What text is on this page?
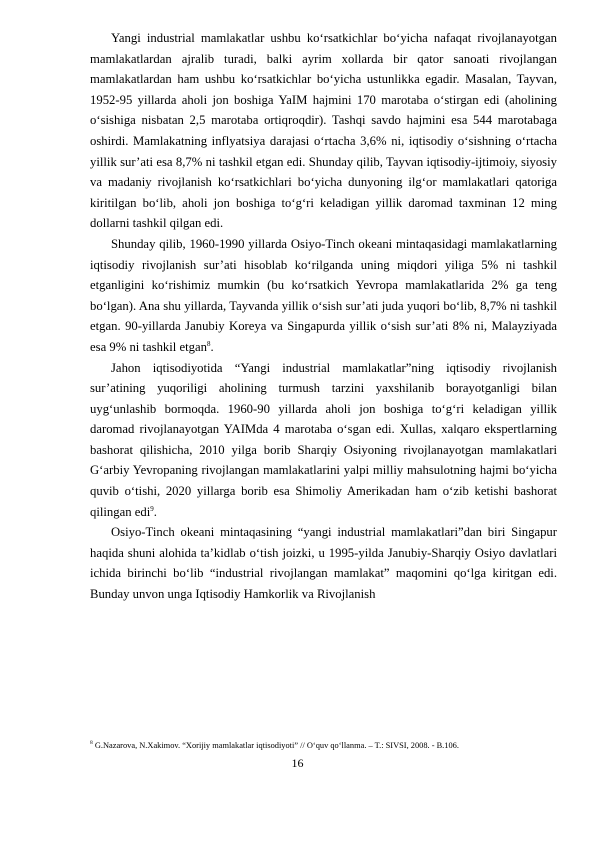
Yangi industrial mamlakatlar ushbu ko‘rsatkichlar bo‘yicha nafaqat rivojlanayotgan mamlakatlardan ajralib turadi, balki ayrim xollarda bir qator sanoati rivojlangan mamlakatlardan ham ushbu ko‘rsatkichlar bo‘yicha ustunlikka egadir. Masalan, Tayvan, 1952-95 yillarda aholi jon boshiga YaIM hajmini 170 marotaba o‘stirgan edi (aholining o‘sishiga nisbatan 2,5 marotaba ortiqroqdir). Tashqi savdo hajmini esa 544 marotabaga oshirdi. Mamlakatning inflyatsiya darajasi o‘rtacha 3,6% ni, iqtisodiy o‘sishning o‘rtacha yillik sur’ati esa 8,7% ni tashkil etgan edi. Shunday qilib, Tayvan iqtisodiy-ijtimoiy, siyosiy va madaniy rivojlanish ko‘rsatkichlari bo‘yicha dunyoning ilg‘or mamlakatlari qatoriga kiritilgan bo‘lib, aholi jon boshiga to‘g‘ri keladigan yillik daromad taxminan 12 ming dollarni tashkil qilgan edi.

Shunday qilib, 1960-1990 yillarda Osiyo-Tinch okeani mintaqasidagi mamlakatlarning iqtisodiy rivojlanish sur’ati hisoblab ko‘rilganda uning miqdori yiliga 5% ni tashkil etganligini ko‘rishimiz mumkin (bu ko‘rsatkich Yevropa mamlakatlarida 2% ga teng bo‘lgan). Ana shu yillarda, Tayvanda yillik o‘sish sur’ati juda yuqori bo‘lib, 8,7% ni tashkil etgan. 90-yillarda Janubiy Koreya va Singapurda yillik o‘sish sur’ati 8% ni, Malayziyada esa 9% ni tashkil etgan$^8$.

Jahon iqtisodiyotida “Yangi industrial mamlakatlar”ning iqtisodiy rivojlanish sur’atining yuqoriligi aholining turmush tarzini yaxshilanib borayotganligi bilan uyg‘unlashib bormoqda. 1960-90 yillarda aholi jon boshiga to‘g‘ri keladigan yillik daromad rivojlanayotgan YAIMda 4 marotaba o‘sgan edi. Xullas, xalqaro ekspertlarning bashorat qilishicha, 2010 yilga borib Sharqiy Osiyoning rivojlanayotgan mamlakatlari G‘arbiy Yevropaning rivojlangan mamlakatlarini yalpi milliy mahsulotning hajmi bo‘yicha quvib o‘tishi, 2020 yillarga borib esa Shimoliy Amerikadan ham o‘zib ketishi bashorat qilingan edi$^9$.

Osiyo-Tinch okeani mintaqasining “yangi industrial mamlakatlari”dan biri Singapur haqida shuni alohida ta’kidlab o‘tish joizki, u 1995-yilda Janubiy-Sharqiy Osiyo davlatlari ichida birinchi bo‘lib “industrial rivojlangan mamlakat” maqomini qo‘lga kiritgan edi. Bunday unvon unga Iqtisodiy Hamkorlik va Rivojlanish

$^8$ G.Nazarova, N.Xakimov. “Xorijiy mamlakatlar iqtisodiyoti” // O‘quv qo‘llanma. – T.: SIVSI, 2008. - B.106.
16
